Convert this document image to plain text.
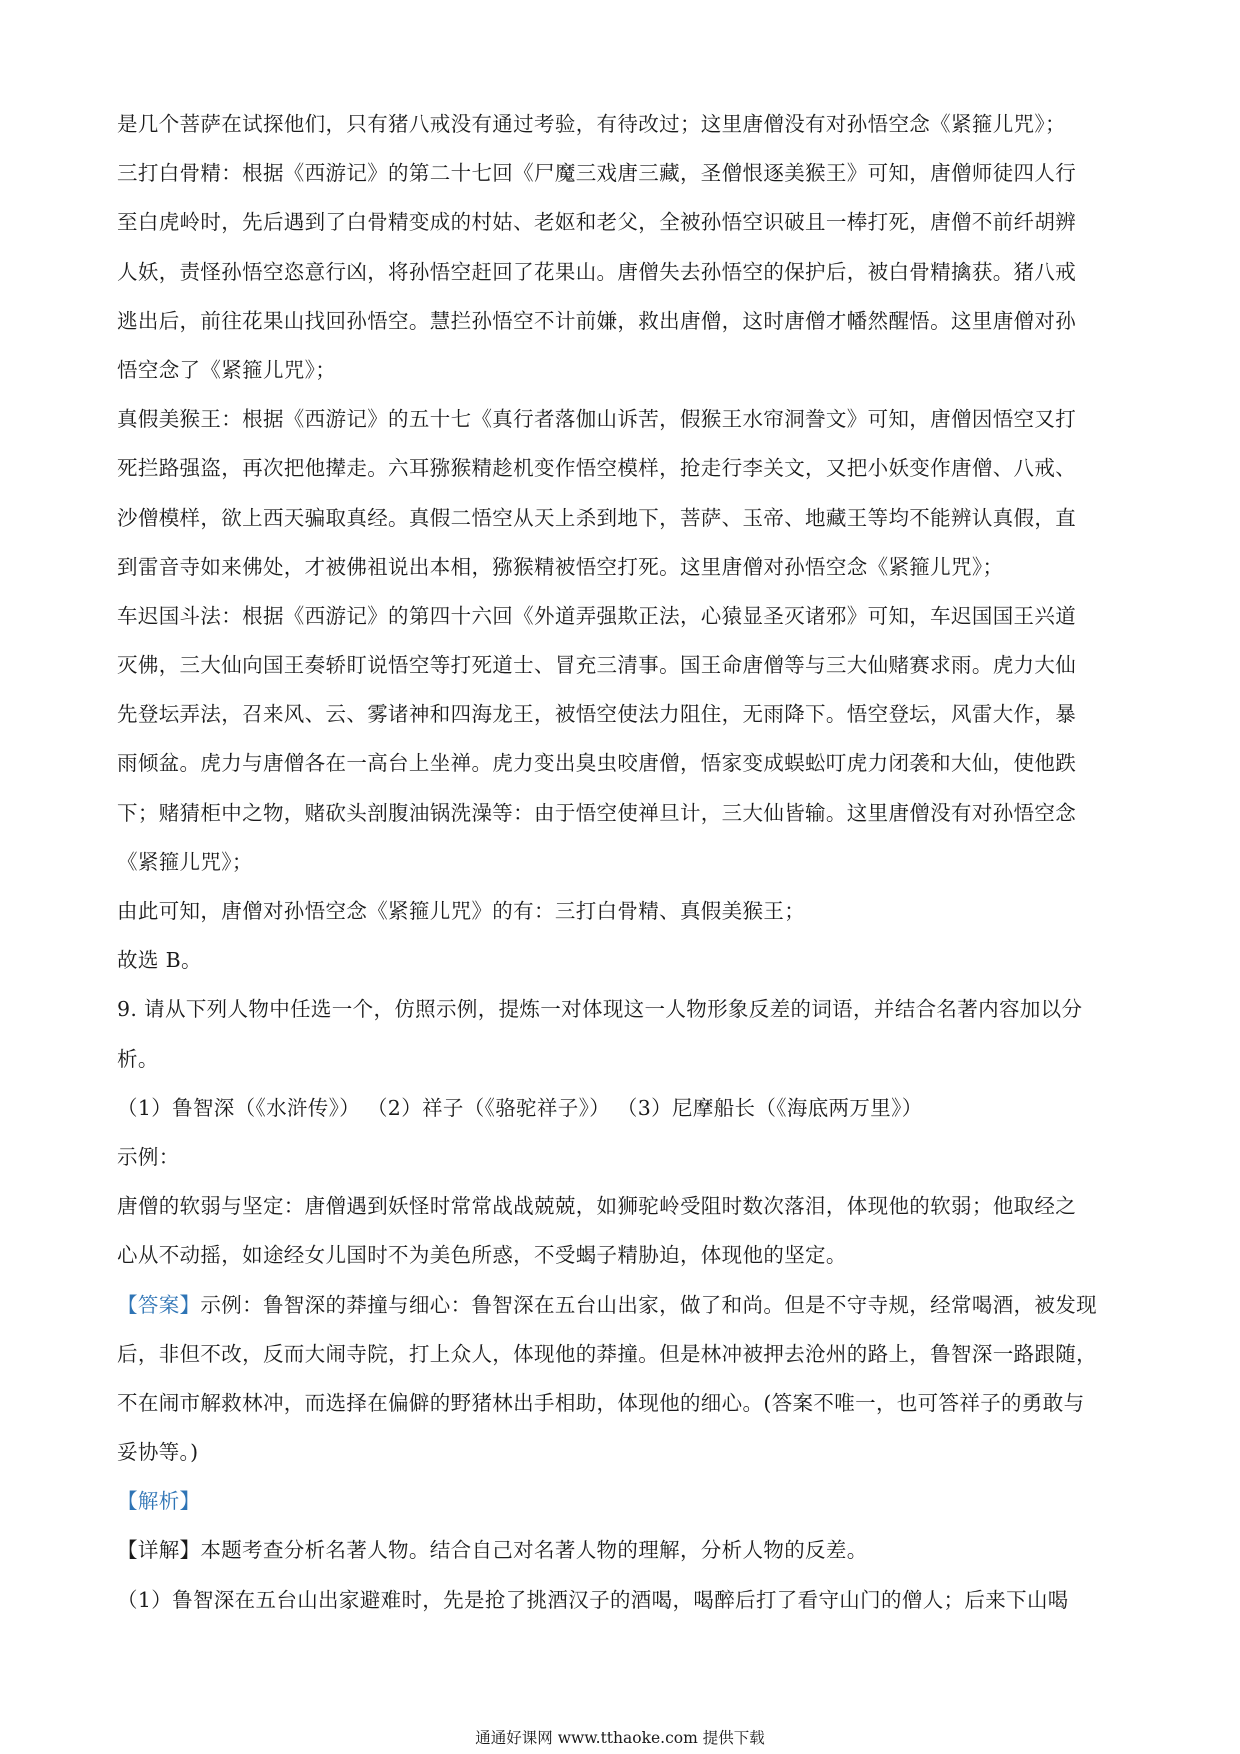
是几个菩萨在试探他们，只有猪八戒没有通过考验，有待改过；这里唐僧没有对孙悟空念《紧箍儿咒》；
三打白骨精：根据《西游记》的第二十七回《尸魔三戏唐三藏，圣僧恨逐美猴王》可知，唐僧师徒四人行
至白虎岭时，先后遇到了白骨精变成的村姑、老妪和老父，全被孙悟空识破且一棒打死，唐僧不前纤胡辨
人妖，责怪孙悟空恣意行凶，将孙悟空赶回了花果山。唐僧失去孙悟空的保护后，被白骨精擒获。猪八戒
逃出后，前往花果山找回孙悟空。慧拦孙悟空不计前嫌，救出唐僧，这时唐僧才幡然醒悟。这里唐僧对孙
悟空念了《紧箍儿咒》；
真假美猴王：根据《西游记》的五十七《真行者落伽山诉苦，假猴王水帘洞誊文》可知，唐僧因悟空又打
死拦路强盗，再次把他撵走。六耳猕猴精趁机变作悟空模样，抢走行李关文，又把小妖变作唐僧、八戒、
沙僧模样，欲上西天骗取真经。真假二悟空从天上杀到地下，菩萨、玉帝、地藏王等均不能辨认真假，直
到雷音寺如来佛处，才被佛祖说出本相，猕猴精被悟空打死。这里唐僧对孙悟空念《紧箍儿咒》；
车迟国斗法：根据《西游记》的第四十六回《外道弄强欺正法，心猿显圣灭诸邪》可知，车迟国国王兴道
灭佛，三大仙向国王奏轿盯说悟空等打死道士、冒充三清事。国王命唐僧等与三大仙赌赛求雨。虎力大仙
先登坛弄法，召来风、云、雾诸神和四海龙王，被悟空使法力阻住，无雨降下。悟空登坛，风雷大作，暴
雨倾盆。虎力与唐僧各在一高台上坐禅。虎力变出臭虫咬唐僧，悟家变成蜈蚣叮虎力闭袭和大仙，使他跌
下；赌猜柜中之物，赌砍头剖腹油锅洗澡等：由于悟空使禅旦计，三大仙皆输。这里唐僧没有对孙悟空念
《紧箍儿咒》；
由此可知，唐僧对孙悟空念《紧箍儿咒》的有：三打白骨精、真假美猴王；
故选 B。
9. 请从下列人物中任选一个，仿照示例，提炼一对体现这一人物形象反差的词语，并结合名著内容加以分
析。
（1）鲁智深（《水浒传》） （2）祥子（《骆驼祥子》） （3）尼摩船长（《海底两万里》）
示例：
唐僧的软弱与坚定：唐僧遇到妖怪时常常战战兢兢，如狮驼岭受阻时数次落泪，体现他的软弱；他取经之
心从不动摇，如途经女儿国时不为美色所惑，不受蝎子精胁迫，体现他的坚定。
【答案】示例：鲁智深的莽撞与细心：鲁智深在五台山出家，做了和尚。但是不守寺规，经常喝酒，被发现
后，非但不改，反而大闹寺院，打上众人，体现他的莽撞。但是林冲被押去沧州的路上，鲁智深一路跟随，
不在闹市解救林冲，而选择在偏僻的野猪林出手相助，体现他的细心。(答案不唯一，也可答祥子的勇敢与
妥协等。)
【解析】
【详解】本题考查分析名著人物。结合自己对名著人物的理解，分析人物的反差。
（1）鲁智深在五台山出家避难时，先是抢了挑酒汉子的酒喝，喝醉后打了看守山门的僧人；后来下山喝
通通好课网 www.tthaoke.com 提供下载
